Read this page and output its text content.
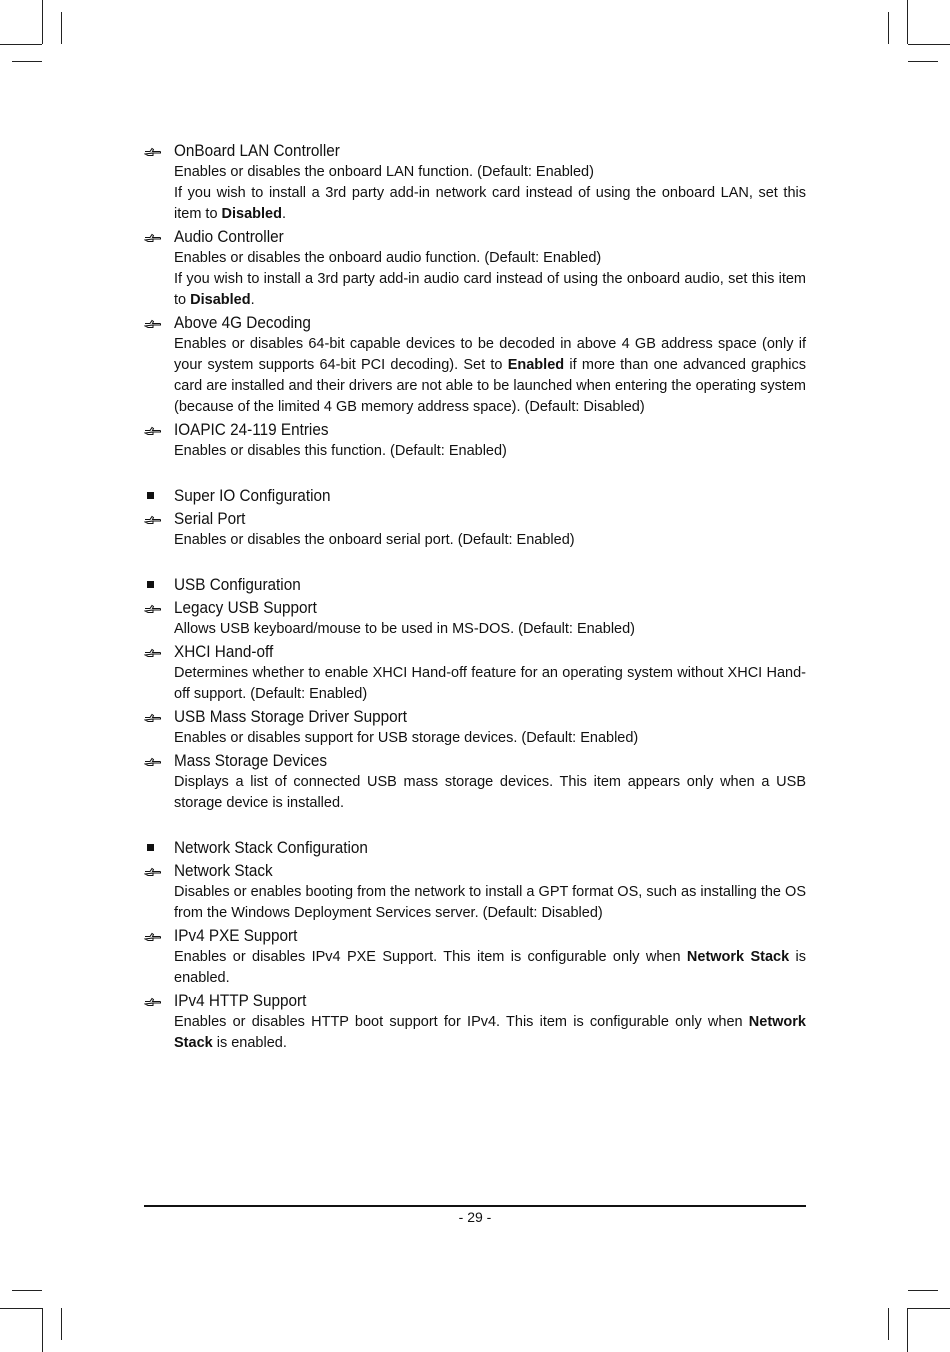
OnBoard LAN Controller

Enables or disables the onboard LAN function. (Default: Enabled)

If you wish to install a 3rd party add-in network card instead of using the onboard LAN, set this item to Disabled.

Audio Controller

Enables or disables the onboard audio function. (Default: Enabled)

If you wish to install a 3rd party add-in audio card instead of using the onboard audio, set this item to Disabled.

Above 4G Decoding

Enables or disables 64-bit capable devices to be decoded in above 4 GB address space (only if your system supports 64-bit PCI decoding). Set to Enabled if more than one advanced graphics card are installed and their drivers are not able to be launched when entering the operating system (because of the limited 4 GB memory address space). (Default: Disabled)

IOAPIC 24-119 Entries

Enables or disables this function. (Default: Enabled)

Super IO Configuration
Serial Port

Enables or disables the onboard serial port. (Default: Enabled)

USB Configuration
Legacy USB Support

Allows USB keyboard/mouse to be used in MS-DOS. (Default: Enabled)

XHCI Hand-off

Determines whether to enable XHCI Hand-off feature for an operating system without XHCI Hand-off support. (Default: Enabled)

USB Mass Storage Driver Support

Enables or disables support for USB storage devices. (Default: Enabled)

Mass Storage Devices

Displays a list of connected USB mass storage devices. This item appears only when a USB storage device is installed.

Network Stack Configuration
Network Stack

Disables or enables booting from the network to install a GPT format OS, such as installing the OS from the Windows Deployment Services server. (Default: Disabled)

IPv4 PXE Support

Enables or disables IPv4 PXE Support. This item is configurable only when Network Stack is enabled.

IPv4 HTTP Support

Enables or disables HTTP boot support for IPv4. This item is configurable only when Network Stack is enabled.

- 29 -
